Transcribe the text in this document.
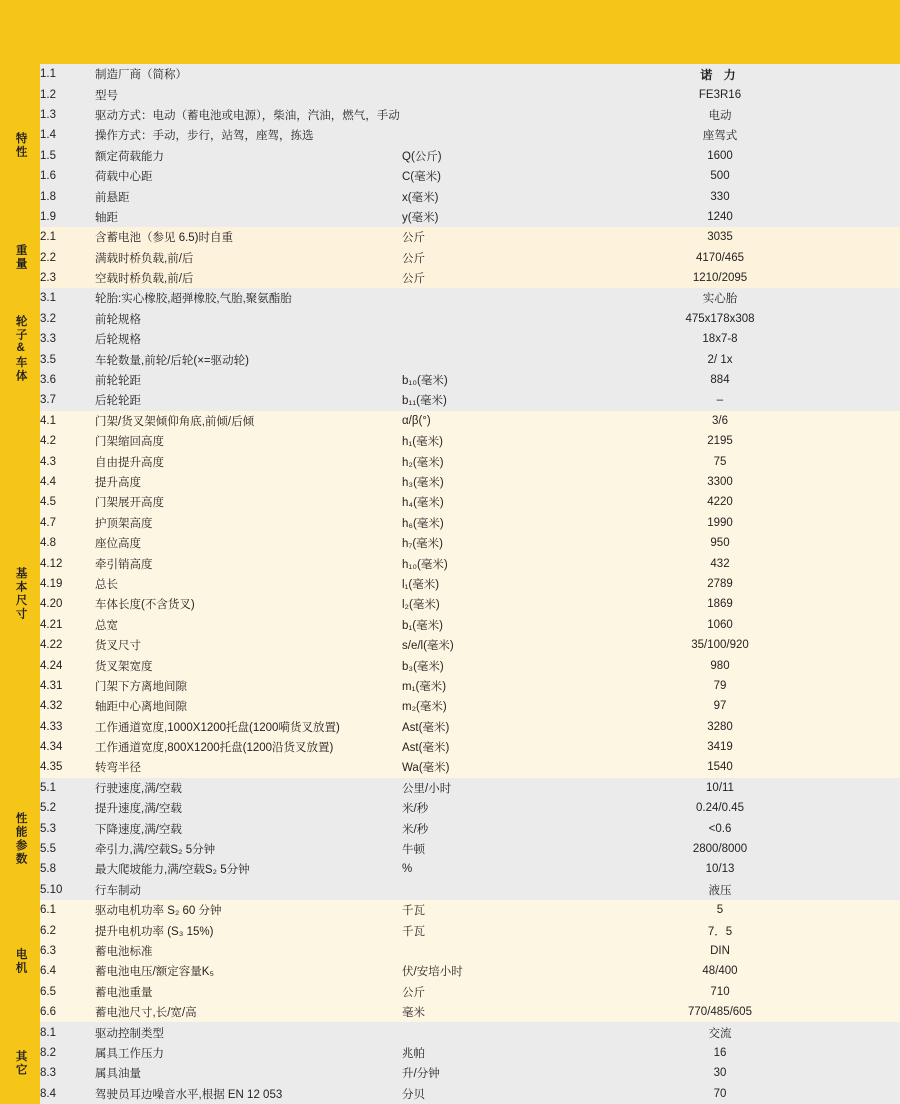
特性	1.1	制造厂商（简称）			诺 力
	1.2	型号			FE3R16
	1.3	驱动方式：电动（蓄电池或电源），柴油，汽油，燃气，手动			电动
	1.4	操作方式：手动，步行，站驾，座驾，拣选			座驾式
	1.5	额定荷载能力	Q(公斤)		1600
	1.6	荷载中心距	C(毫米)		500
	1.8	前悬距	x(毫米)		330
	1.9	轴距	y(毫米)		1240

重量	2.1	含蓄电池（参见 6.5)时自重	公斤		3035
	2.2	满载时桥负载,前/后	公斤		4170/465
	2.3	空载时桥负载,前/后	公斤		1210/2095

轮子&车体	3.1	轮胎:实心橡胶,超弹橡胶,气胎,聚氨酯胎			实心胎
	3.2	前轮规格			475x178x308
	3.3	后轮规格			18x7-8
	3.5	车轮数量,前轮/后轮(×=驱动轮)			2/ 1x
	3.6	前轮轮距	b₁₀(毫米)		884
	3.7	后轮轮距	b₁₁(毫米)		–

基本尺寸	4.1	门架/货叉架倾仰角底,前倾/后倾	α/β(°)		3/6
	4.2	门架缩回高度	h₁(毫米)		2195
	4.3	自由提升高度	h₂(毫米)		75
	4.4	提升高度	h₃(毫米)		3300
	4.5	门架展开高度	h₄(毫米)		4220
	4.7	护顶架高度	h₆(毫米)		1990
	4.8	座位高度	h₇(毫米)		950
	4.12	牵引销高度	h₁₀(毫米)		432
	4.19	总长	l₁(毫米)		2789
	4.20	车体长度(不含货叉)	l₂(毫米)		1869
	4.21	总宽	b₁(毫米)		1060
	4.22	货叉尺寸	s/e/l(毫米)		35/100/920
	4.24	货叉架宽度	b₃(毫米)		980
	4.31	门架下方离地间隙	m₁(毫米)		79
	4.32	轴距中心离地间隙	m₂(毫米)		97
	4.33	工作通道宽度,1000X1200托盘(1200嗬货叉放置)	Ast(毫米)		3280
	4.34	工作通道宽度,800X1200托盘(1200沿货叉放置)	Ast(毫米)		3419
	4.35	转弯半径	Wa(毫米)		1540

性能参数	5.1	行驶速度,满/空载	公里/小时		10/11
	5.2	提升速度,满/空载	米/秒		0.24/0.45
	5.3	下降速度,满/空载	米/秒		<0.6
	5.5	牵引力,满/空载S₂ 5分钟	牛顿		2800/8000
	5.8	最大爬坡能力,满/空载S₂ 5分钟	%		10/13
	5.10	行车制动			液压

电机	6.1	驱动电机功率 S₂ 60 分钟	千瓦		5
	6.2	提升电机功率 (S₃ 15%)	千瓦		7．5
	6.3	蓄电池标准			DIN
	6.4	蓄电池电压/额定容量K₅	伏/安培小时		48/400
	6.5	蓄电池重量	公斤		710
	6.6	蓄电池尺寸,长/宽/高	毫米		770/485/605

其它	8.1	驱动控制类型			交流
	8.2	属具工作压力	兆帕		16
	8.3	属具油量	升/分钟		30
	8.4	驾驶员耳边噪音水平,根据 EN 12 053	分贝		70
